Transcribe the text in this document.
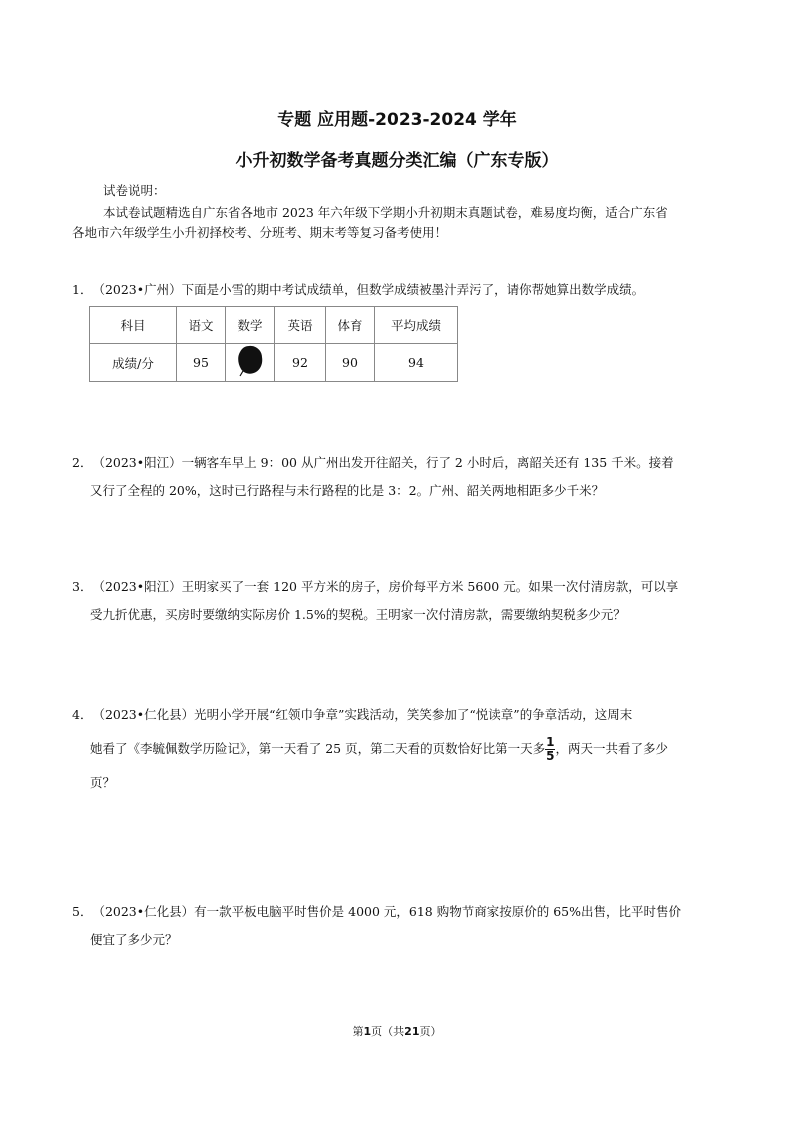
专题 应用题-2023-2024 学年
小升初数学备考真题分类汇编（广东专版）
试卷说明：
本试卷试题精选自广东省各地市 2023 年六年级下学期小升初期末真题试卷，难易度均衡，适合广东省
各地市六年级学生小升初择校考、分班考、期末考等复习备考使用！
1．（2023•广州）下面是小雪的期中考试成绩单，但数学成绩被墨汁弄污了，请你帮她算出数学成绩。
科目	语文	数学	英语	体育	平均成绩
成绩/分	95		92	90	94
2．（2023•阳江）一辆客车早上 9：00 从广州出发开往韶关，行了 2 小时后，离韶关还有 135 千米。接着
又行了全程的 20%，这时已行路程与未行路程的比是 3：2。广州、韶关两地相距多少千米？
3．（2023•阳江）王明家买了一套 120 平方米的房子，房价每平方米 5600 元。如果一次付清房款，可以享
受九折优惠，买房时要缴纳实际房价 1.5%的契税。王明家一次付清房款，需要缴纳契税多少元？
4．（2023•仁化县）光明小学开展“红领巾争章”实践活动，笑笑参加了“悦读章”的争章活动，这周末
她看了《李毓佩数学历险记》，第一天看了 25 页，第二天看的页数恰好比第一天多 $\frac{1}{5}$ ，两天一共看了多少
页？
5．（2023•仁化县）有一款平板电脑平时售价是 4000 元，618 购物节商家按原价的 65%出售，比平时售价
便宜了多少元？
第1页（共21页）
